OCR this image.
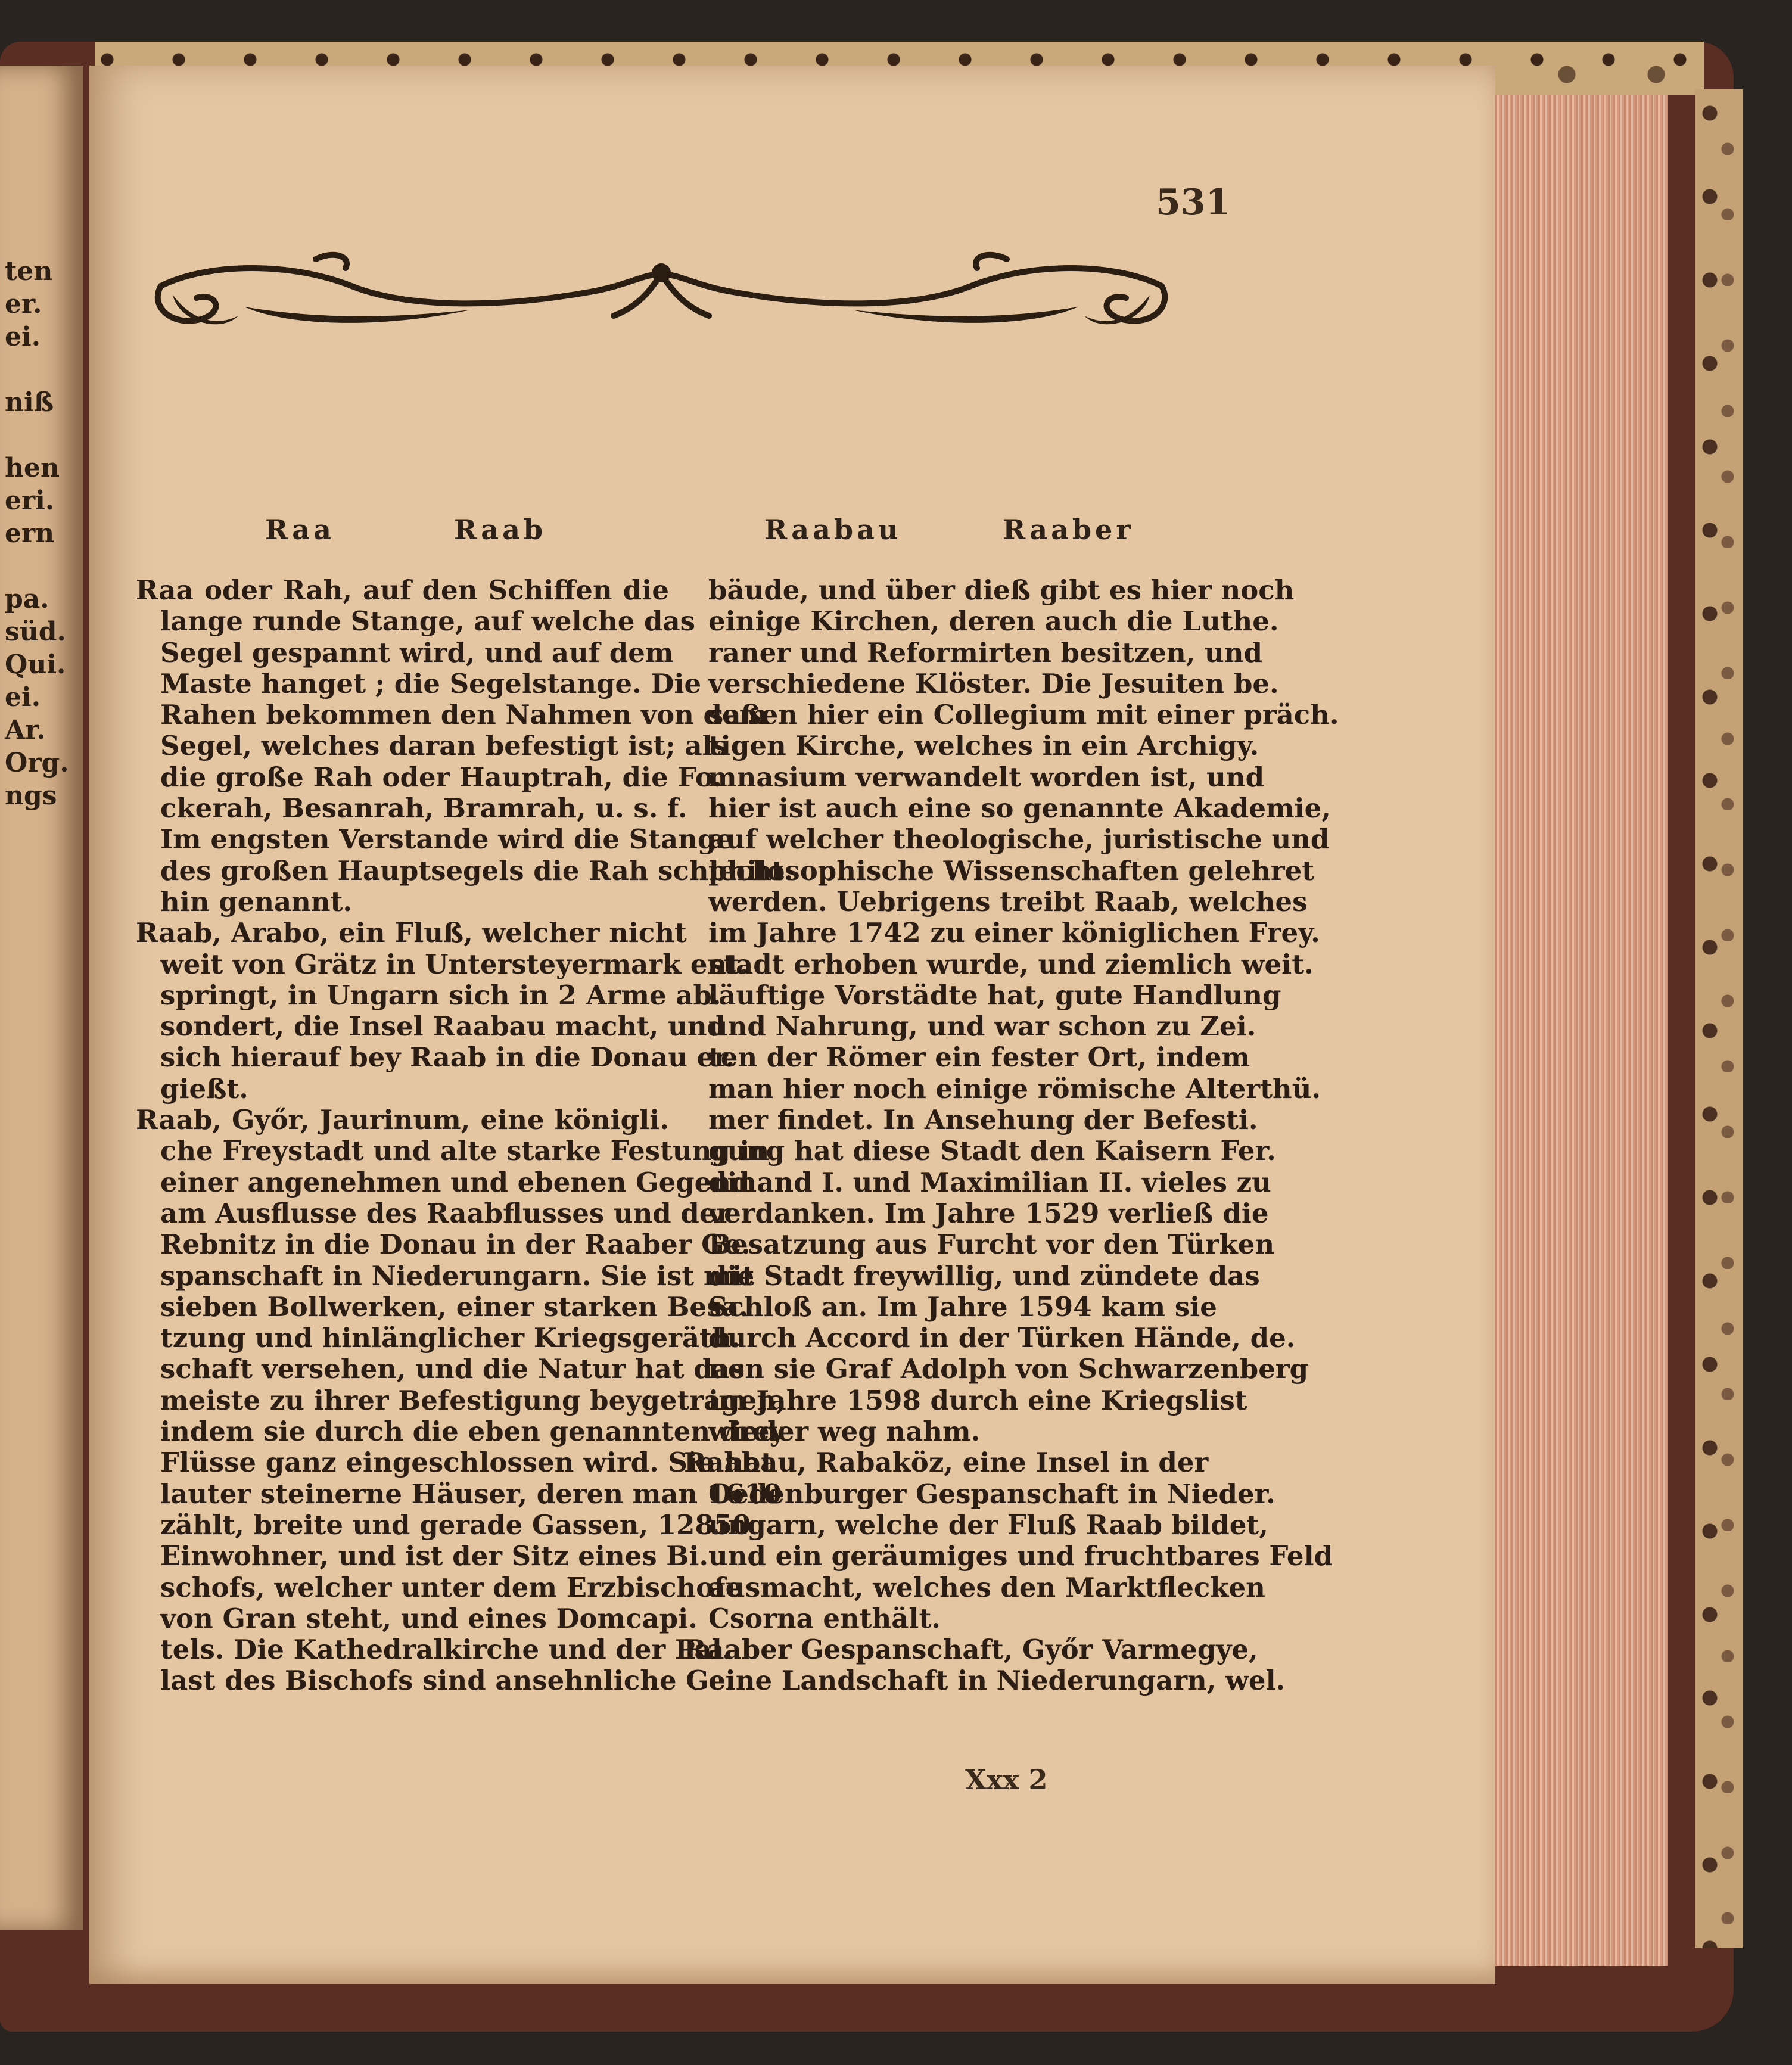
ten
er.
ei.
niß
hen
eri.
ern
pa.
süd.
Qui.
ei.
Ar.
Org.
ngs
531
Raa	Raab	Raabau	Raaber
Raa oder Rah, auf den Schiffen die
lange runde Stange, auf welche das
Segel gespannt wird, und auf dem
Maste hanget ; die Segelstange. Die
Rahen bekommen den Nahmen von dem
Segel, welches daran befestigt ist; als
die große Rah oder Hauptrah, die Fo.
ckerah, Besanrah, Bramrah, u. s. f.
Im engsten Verstande wird die Stange
des großen Hauptsegels die Rah schlecht.
hin genannt.
Raab, Arabo, ein Fluß, welcher nicht
weit von Grätz in Untersteyermark ent.
springt, in Ungarn sich in 2 Arme ab.
sondert, die Insel Raabau macht, und
sich hierauf bey Raab in die Donau er.
gießt.
Raab, Győr, Jaurinum, eine königli.
che Freystadt und alte starke Festung in
einer angenehmen und ebenen Gegend
am Ausflusse des Raabflusses und der
Rebnitz in die Donau in der Raaber Ge.
spanschaft in Niederungarn. Sie ist mit
sieben Bollwerken, einer starken Besa.
tzung und hinlänglicher Kriegsgeräth.
schaft versehen, und die Natur hat das
meiste zu ihrer Befestigung beygetragen,
indem sie durch die eben genannten drey
Flüsse ganz eingeschlossen wird. Sie hat
lauter steinerne Häuser, deren man 1610
zählt, breite und gerade Gassen, 12850
Einwohner, und ist der Sitz eines Bi.
schofs, welcher unter dem Erzbischofe
von Gran steht, und eines Domcapi.
tels. Die Kathedralkirche und der Pal.
last des Bischofs sind ansehnliche Ge.
bäude, und über dieß gibt es hier noch
einige Kirchen, deren auch die Luthe.
raner und Reformirten besitzen, und
verschiedene Klöster. Die Jesuiten be.
saßen hier ein Collegium mit einer präch.
tigen Kirche, welches in ein Archigy.
mnasium verwandelt worden ist, und
hier ist auch eine so genannte Akademie,
auf welcher theologische, juristische und
philosophische Wissenschaften gelehret
werden. Uebrigens treibt Raab, welches
im Jahre 1742 zu einer königlichen Frey.
stadt erhoben wurde, und ziemlich weit.
läuftige Vorstädte hat, gute Handlung
und Nahrung, und war schon zu Zei.
ten der Römer ein fester Ort, indem
man hier noch einige römische Alterthü.
mer findet. In Ansehung der Befesti.
gung hat diese Stadt den Kaisern Fer.
dinand I. und Maximilian II. vieles zu
verdanken. Im Jahre 1529 verließ die
Besatzung aus Furcht vor den Türken
die Stadt freywillig, und zündete das
Schloß an. Im Jahre 1594 kam sie
durch Accord in der Türken Hände, de.
nen sie Graf Adolph von Schwarzenberg
im Jahre 1598 durch eine Kriegslist
wieder weg nahm.
Raabau, Rabaköz, eine Insel in der
Oedenburger Gespanschaft in Nieder.
ungarn, welche der Fluß Raab bildet,
und ein geräumiges und fruchtbares Feld
ausmacht, welches den Marktflecken
Csorna enthält.
Raaber Gespanschaft, Győr Varmegye,
eine Landschaft in Niederungarn, wel.
Xxx 2
